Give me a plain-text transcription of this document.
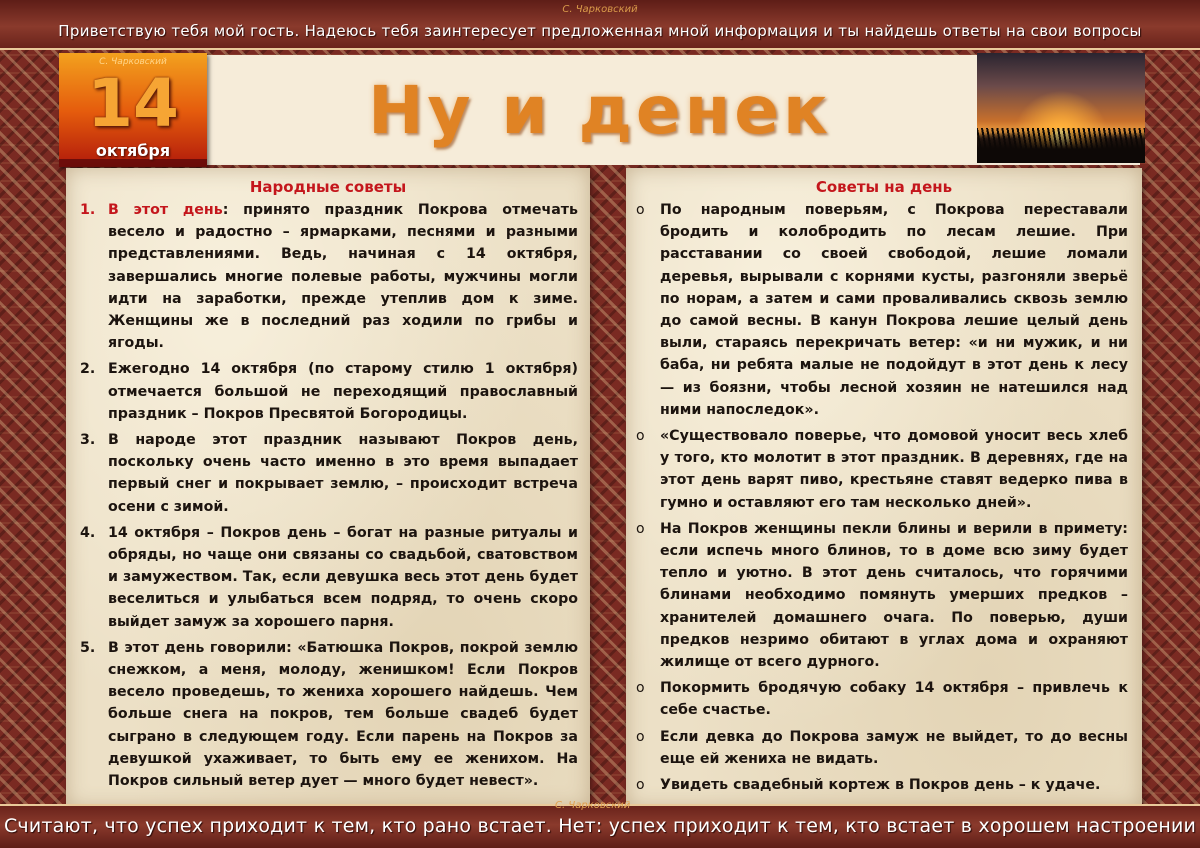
С. Чарковский
Приветствую тебя мой гость. Надеюсь тебя заинтересует предложенная мной информация и ты найдешь ответы на свои вопросы
С. Чарковский
14
октября
Ну и денек
Народные советы
1. В этот день: принято праздник Покрова отмечать весело и радостно – ярмарками, песнями и разными представлениями. Ведь, начиная с 14 октября, завершались многие полевые работы, мужчины могли идти на заработки, прежде утеплив дом к зиме. Женщины же в последний раз ходили по грибы и ягоды.
2. Ежегодно 14 октября (по старому стилю 1 октября) отмечается большой не переходящий православный праздник – Покров Пресвятой Богородицы.
3. В народе этот праздник называют Покров день, поскольку очень часто именно в это время выпадает первый снег и покрывает землю, – происходит встреча осени с зимой.
4. 14 октября – Покров день – богат на разные ритуалы и обряды, но чаще они связаны со свадьбой, сватовством и замужеством. Так, если девушка весь этот день будет веселиться и улыбаться всем подряд, то очень скоро выйдет замуж за хорошего парня.
5. В этот день говорили: «Батюшка Покров, покрой землю снежком, а меня, молоду, женишком! Если Покров весело проведешь, то жениха хорошего найдешь. Чем больше снега на покров, тем больше свадеб будет сыграно в следующем году. Если парень на Покров за девушкой ухаживает, то быть ему ее женихом. На Покров сильный ветер дует — много будет невест».
Советы на день
o По народным поверьям, с Покрова переставали бродить и колобродить по лесам лешие. При расставании со своей свободой, лешие ломали деревья, вырывали с корнями кусты, разгоняли зверьё по норам, а затем и сами проваливались сквозь землю до самой весны. В канун Покрова лешие целый день выли, стараясь перекричать ветер: «и ни мужик, и ни баба, ни ребята малые не подойдут в этот день к лесу — из боязни, чтобы лесной хозяин не натешился над ними напоследок».
o «Существовало поверье, что домовой уносит весь хлеб у того, кто молотит в этот праздник. В деревнях, где на этот день варят пиво, крестьяне ставят ведерко пива в гумно и оставляют его там несколько дней».
o На Покров женщины пекли блины и верили в примету: если испечь много блинов, то в доме всю зиму будет тепло и уютно. В этот день считалось, что горячими блинами необходимо помянуть умерших предков – хранителей домашнего очага. По поверью, души предков незримо обитают в углах дома и охраняют жилище от всего дурного.
o Покормить бродячую собаку 14 октября – привлечь к себе счастье.
o Если девка до Покрова замуж не выйдет, то до весны еще ей жениха не видать.
o Увидеть свадебный кортеж в Покров день – к удаче.
С. Чарковский
Считают, что успех приходит к тем, кто рано встает. Нет: успех приходит к тем, кто встает в хорошем настроении
